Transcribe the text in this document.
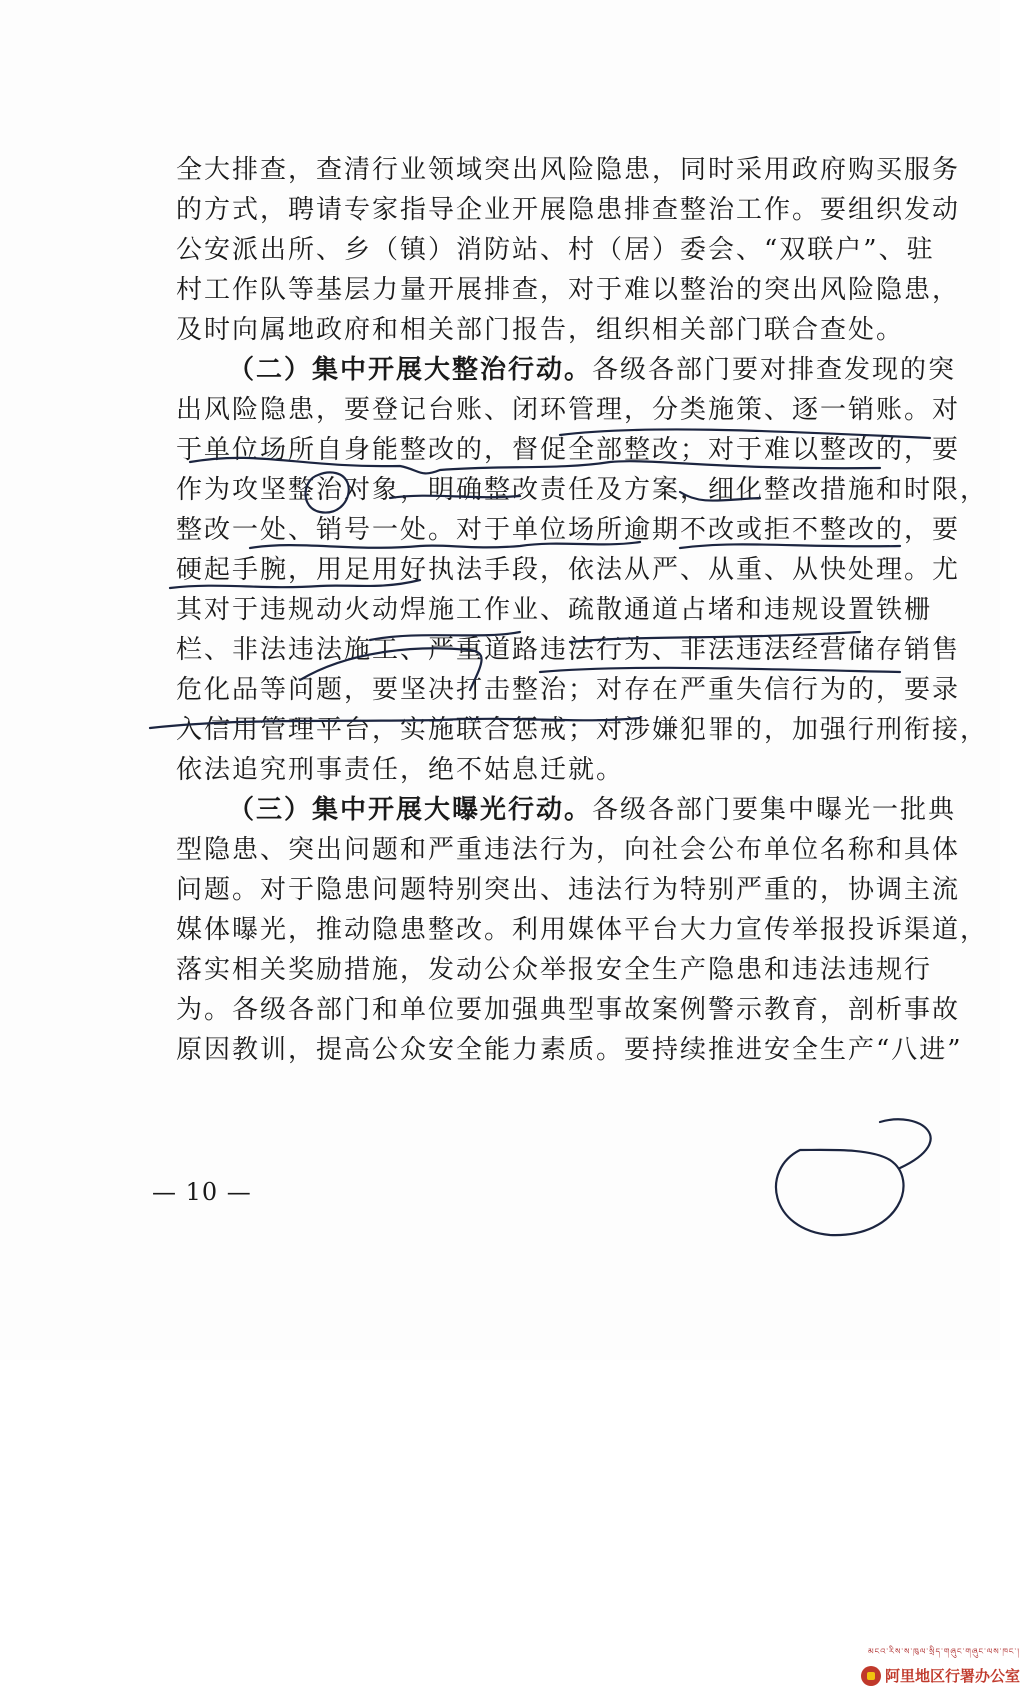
全大排查，查清行业领域突出风险隐患，同时采用政府购买服务
的方式，聘请专家指导企业开展隐患排查整治工作。要组织发动
公安派出所、乡（镇）消防站、村（居）委会、“双联户”、驻
村工作队等基层力量开展排查，对于难以整治的突出风险隐患，
及时向属地政府和相关部门报告，组织相关部门联合查处。
（二）集中开展大整治行动。各级各部门要对排查发现的突
出风险隐患，要登记台账、闭环管理，分类施策、逐一销账。对
于单位场所自身能整改的，督促全部整改；对于难以整改的，要
作为攻坚整治对象，明确整改责任及方案，细化整改措施和时限，
整改一处、销号一处。对于单位场所逾期不改或拒不整改的，要
硬起手腕，用足用好执法手段，依法从严、从重、从快处理。尤
其对于违规动火动焊施工作业、疏散通道占堵和违规设置铁栅
栏、非法违法施工、严重道路违法行为、非法违法经营储存销售
危化品等问题，要坚决打击整治；对存在严重失信行为的，要录
入信用管理平台，实施联合惩戒；对涉嫌犯罪的，加强行刑衔接，
依法追究刑事责任，绝不姑息迁就。
（三）集中开展大曝光行动。各级各部门要集中曝光一批典
型隐患、突出问题和严重违法行为，向社会公布单位名称和具体
问题。对于隐患问题特别突出、违法行为特别严重的，协调主流
媒体曝光，推动隐患整改。利用媒体平台大力宣传举报投诉渠道，
落实相关奖励措施，发动公众举报安全生产隐患和违法违规行
为。各级各部门和单位要加强典型事故案例警示教育，剖析事故
原因教训，提高公众安全能力素质。要持续推进安全生产“八进”
— 10 —
མངའ་རིས་ས་ཁུལ་སྲིད་གཞུང་གཞུང་ལས་ཁང་།
阿里地区行署办公室
